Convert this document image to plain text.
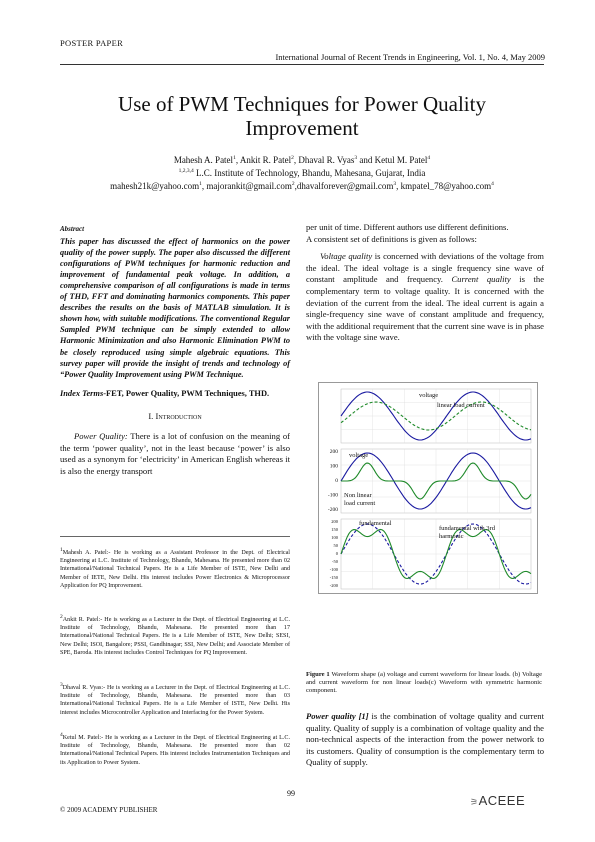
POSTER PAPER
International Journal of Recent Trends in Engineering, Vol. 1, No. 4, May 2009
Use of PWM Techniques for Power Quality
Improvement
Mahesh A. Patel$^1$, Ankit R. Patel$^2$, Dhaval R. Vyas$^3$ and Ketul M. Patel$^4$
$^{1,2,3,4}$ L.C. Institute of Technology, Bhandu, Mahesana, Gujarat, India
mahesh21k@yahoo.com$^1$, majorankit@gmail.com$^2$,dhavalforever@gmail.com$^3$, kmpatel_78@yahoo.com$^4$
Abstract
This paper has discussed the effect of harmonics on the power quality of the power supply. The paper also discussed the different configurations of PWM techniques for harmonic reduction and improvement of fundamental peak voltage. In addition, a comprehensive comparison of all configurations is made in terms of THD, FFT and dominating harmonics components. This paper describes the results on the basis of MATLAB simulation. It is shown how, with suitable modifications. The conventional Regular Sampled PWM technique can be simply extended to allow Harmonic Minimization and also Harmonic Elimination PWM to be closely reproduced using simple algebraic equations. This survey paper will provide the insight of trends and technology of “Power Quality Improvement using PWM Technique.
Index Terms-FET, Power Quality, PWM Techniques, THD.
I. Introduction
Power Quality: There is a lot of confusion on the meaning of the term ‘power quality’, not in the least because ‘power’ is also used as a synonym for ‘electricity’ in American English whereas it is also the energy transport
$^1$Mahesh A. Patel:- He is working as a Assistant Professor in the Dept. of Electrical Engineering at L.C. Institute of Technology, Bhandu, Mahesana. He presented more than 02 International/National Technical Papers. He is a Life Member of ISTE, New Delhi and Member of IETE, New Delhi. His interest includes Power Electronics & Microprocessor Application for PQ Improvement.
$^2$Ankit R. Patel:- He is working as a Lecturer in the Dept. of Electrical Engineering at L.C. Institute of Technology, Bhandu, Mahesana. He presented more than 17 International/National Technical Papers. He is a Life Member of ISTE, New Delhi; SESI, New Delhi; ISOI, Bangalore; PSSI, Gandhinagar; SSI, New Delhi; and Associate Member of SPE, Baroda. His interest includes Control Techniques for PQ Improvement.
$^3$Dhaval R. Vyas:- He is working as a Lecturer in the Dept. of Electrical Engineering at L.C. Institute of Technology, Bhandu, Mahesana. He presented more than 03 International/National Technical Papers. He is a Life Member of ISTE, New Delhi. His interest includes Microcontroller Application and Interfacing for the Power System.
$^4$Ketul M. Patel:- He is working as a Lecturer in the Dept. of Electrical Engineering at L.C. Institute of Technology, Bhandu, Mahesana. He presented more than 02 International/National Technical Papers. His interest includes Instrumentation Techniques and its Application to Power System.
per unit of time. Different authors use different definitions.
A consistent set of definitions is given as follows:
Voltage quality is concerned with deviations of the voltage from the ideal. The ideal voltage is a single frequency sine wave of constant amplitude and frequency. Current quality is the complementary term to voltage quality. It is concerned with the deviation of the current from the ideal. The ideal current is again a single-frequency sine wave of constant amplitude and frequency, with the additional requirement that the current sine wave is in phase with the voltage sine wave.
voltage
linear load current
200
100
0
-100
-200
voltage
Non linear
load current
200
150
100
50
0
-50
-100
-150
-200
fundamental
fundamental with 3rd
harmonic
Figure 1 Waveform shape (a) voltage and current waveform for linear loads. (b) Voltage and current waveform for non linear loads(c) Waveform with symmetric harmonic component.
Power quality [1] is the combination of voltage quality and current quality. Quality of supply is a combination of voltage quality and the non-technical aspects of the interaction from the power network to its customers. Quality of consumption is the complementary term to Quality of supply.
99
© 2009 ACADEMY PUBLISHER
⚞ACEEE
